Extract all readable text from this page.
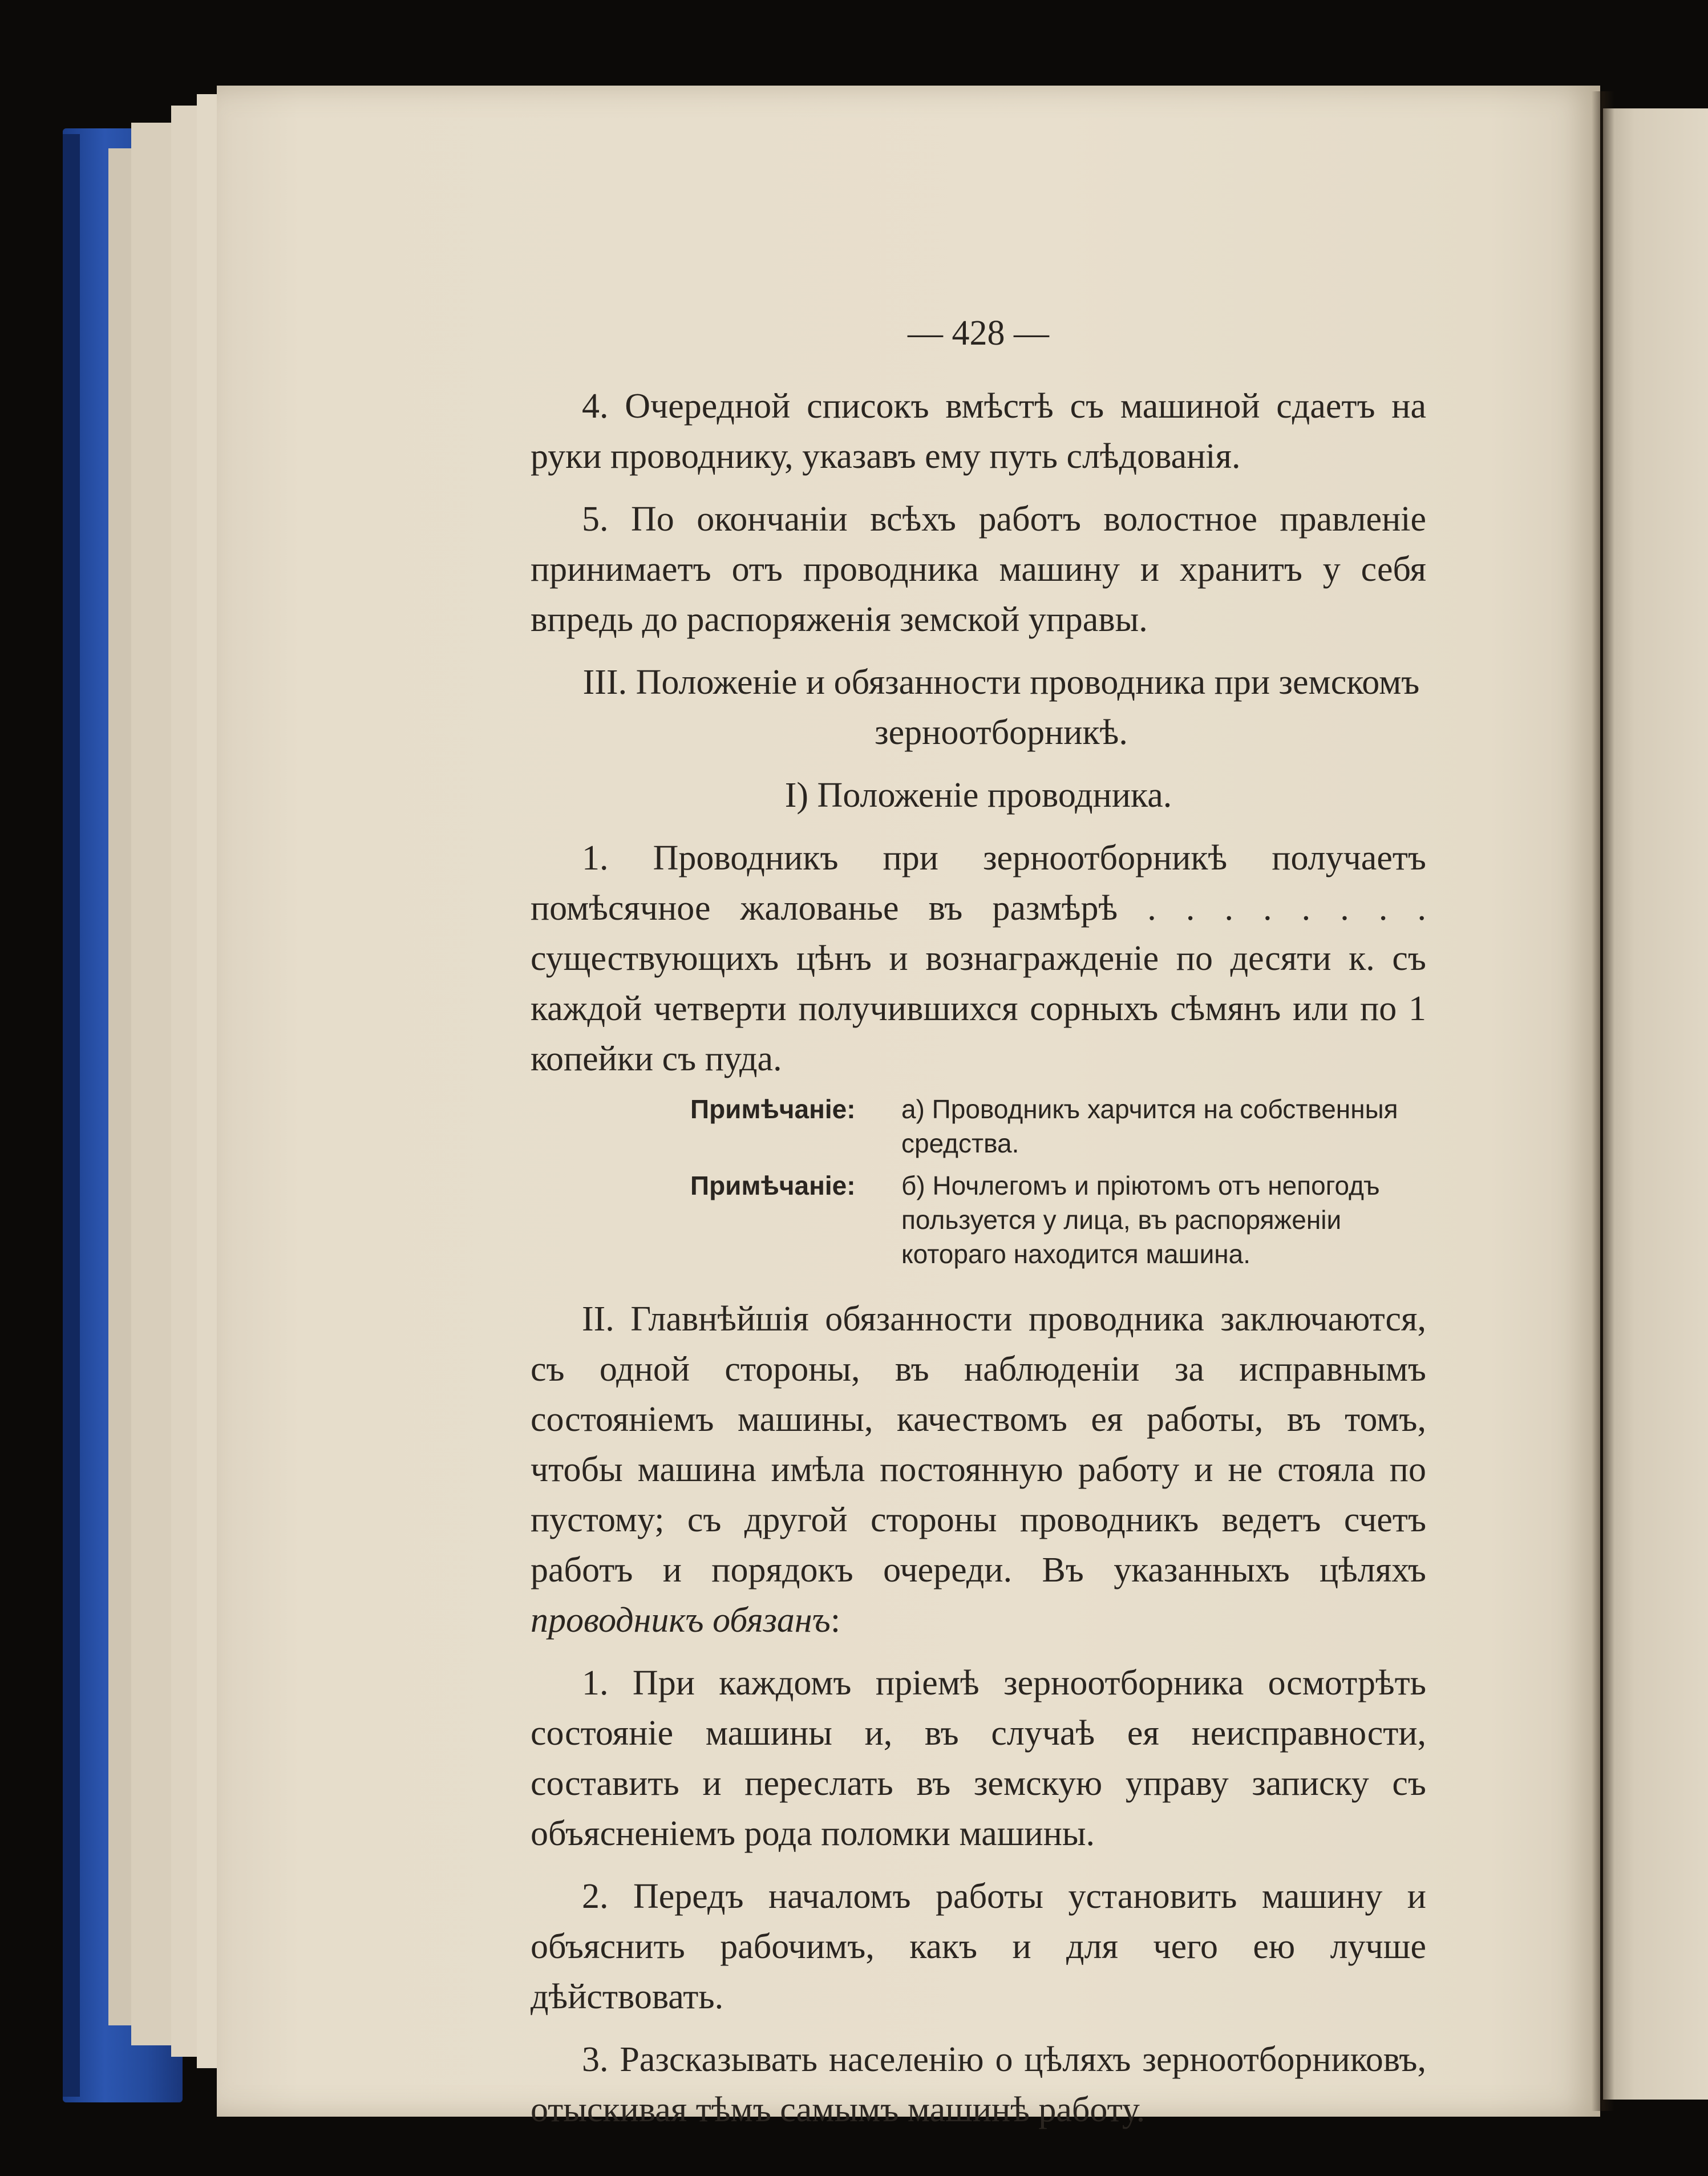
— 428 —

4. Очередной списокъ вмѣстѣ съ машиной сдаетъ на руки проводнику, указавъ ему путь слѣдованія.

5. По окончаніи всѣхъ работъ волостное правленіе принимаетъ отъ проводника машину и хранитъ у себя впредь до распоряженія земской управы.

III. Положеніе и обязанности проводника при земскомъ зерноотборникѣ.

I) Положеніе проводника.

1. Проводникъ при зерноотборникѣ получаетъ помѣсячное жалованье въ размѣрѣ . . . . . . . . существующихъ цѣнъ и вознагражденіе по десяти к. съ каждой четверти получившихся сорныхъ сѣмянъ или по 1 копейки съ пуда.

Примѣчаніе: а) Проводникъ харчится на собственныя средства.
Примѣчаніе: б) Ночлегомъ и пріютомъ отъ непогодъ пользуется у лица, въ распоряженіи котораго находится машина.

II. Главнѣйшія обязанности проводника заключаются, съ одной стороны, въ наблюденіи за исправнымъ состояніемъ машины, качествомъ ея работы, въ томъ, чтобы машина имѣла постоянную работу и не стояла по пустому; съ другой стороны проводникъ ведетъ счетъ работъ и порядокъ очереди. Въ указанныхъ цѣляхъ проводникъ обязанъ:

1. При каждомъ пріемѣ зерноотборника осмотрѣть состояніе машины и, въ случаѣ ея неисправности, составить и переслать въ земскую управу записку съ объясненіемъ рода поломки машины.

2. Передъ началомъ работы установить машину и объяснить рабочимъ, какъ и для чего ею лучше дѣйствовать.

3. Разсказывать населенію о цѣляхъ зерноотборниковъ, отыскивая тѣмъ самымъ машинѣ работу.
